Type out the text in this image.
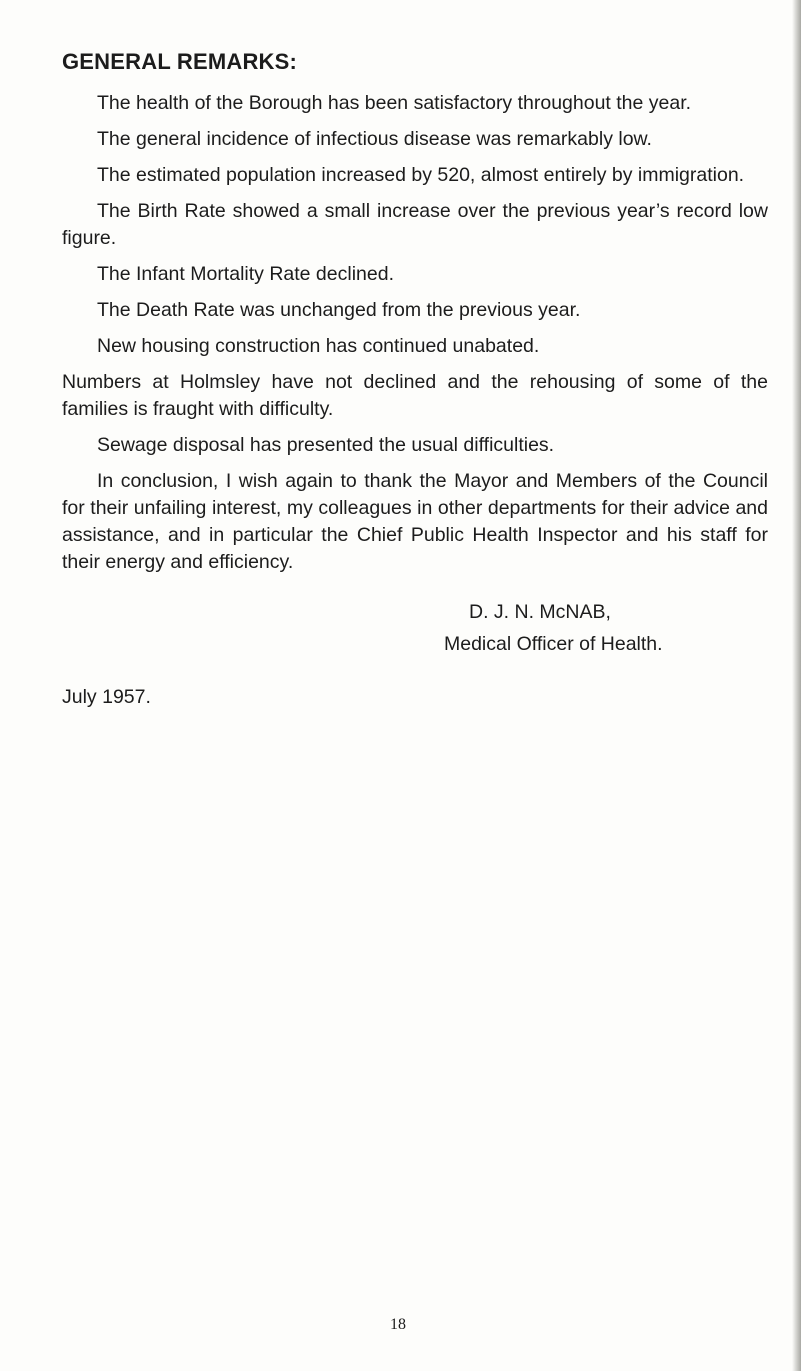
GENERAL REMARKS:

The health of the Borough has been satisfactory throughout the year.

The general incidence of infectious disease was remarkably low.

The estimated population increased by 520, almost entirely by immigration.

The Birth Rate showed a small increase over the previous year’s record low figure.

The Infant Mortality Rate declined.

The Death Rate was unchanged from the previous year.

New housing construction has continued unabated.

Numbers at Holmsley have not declined and the rehousing of some of the families is fraught with difficulty.

Sewage disposal has presented the usual difficulties.

In conclusion, I wish again to thank the Mayor and Members of the Council for their unfailing interest, my colleagues in other departments for their advice and assistance, and in particular the Chief Public Health Inspector and his staff for their energy and efficiency.

D. J. N. McNAB,
Medical Officer of Health.
July 1957.
18
